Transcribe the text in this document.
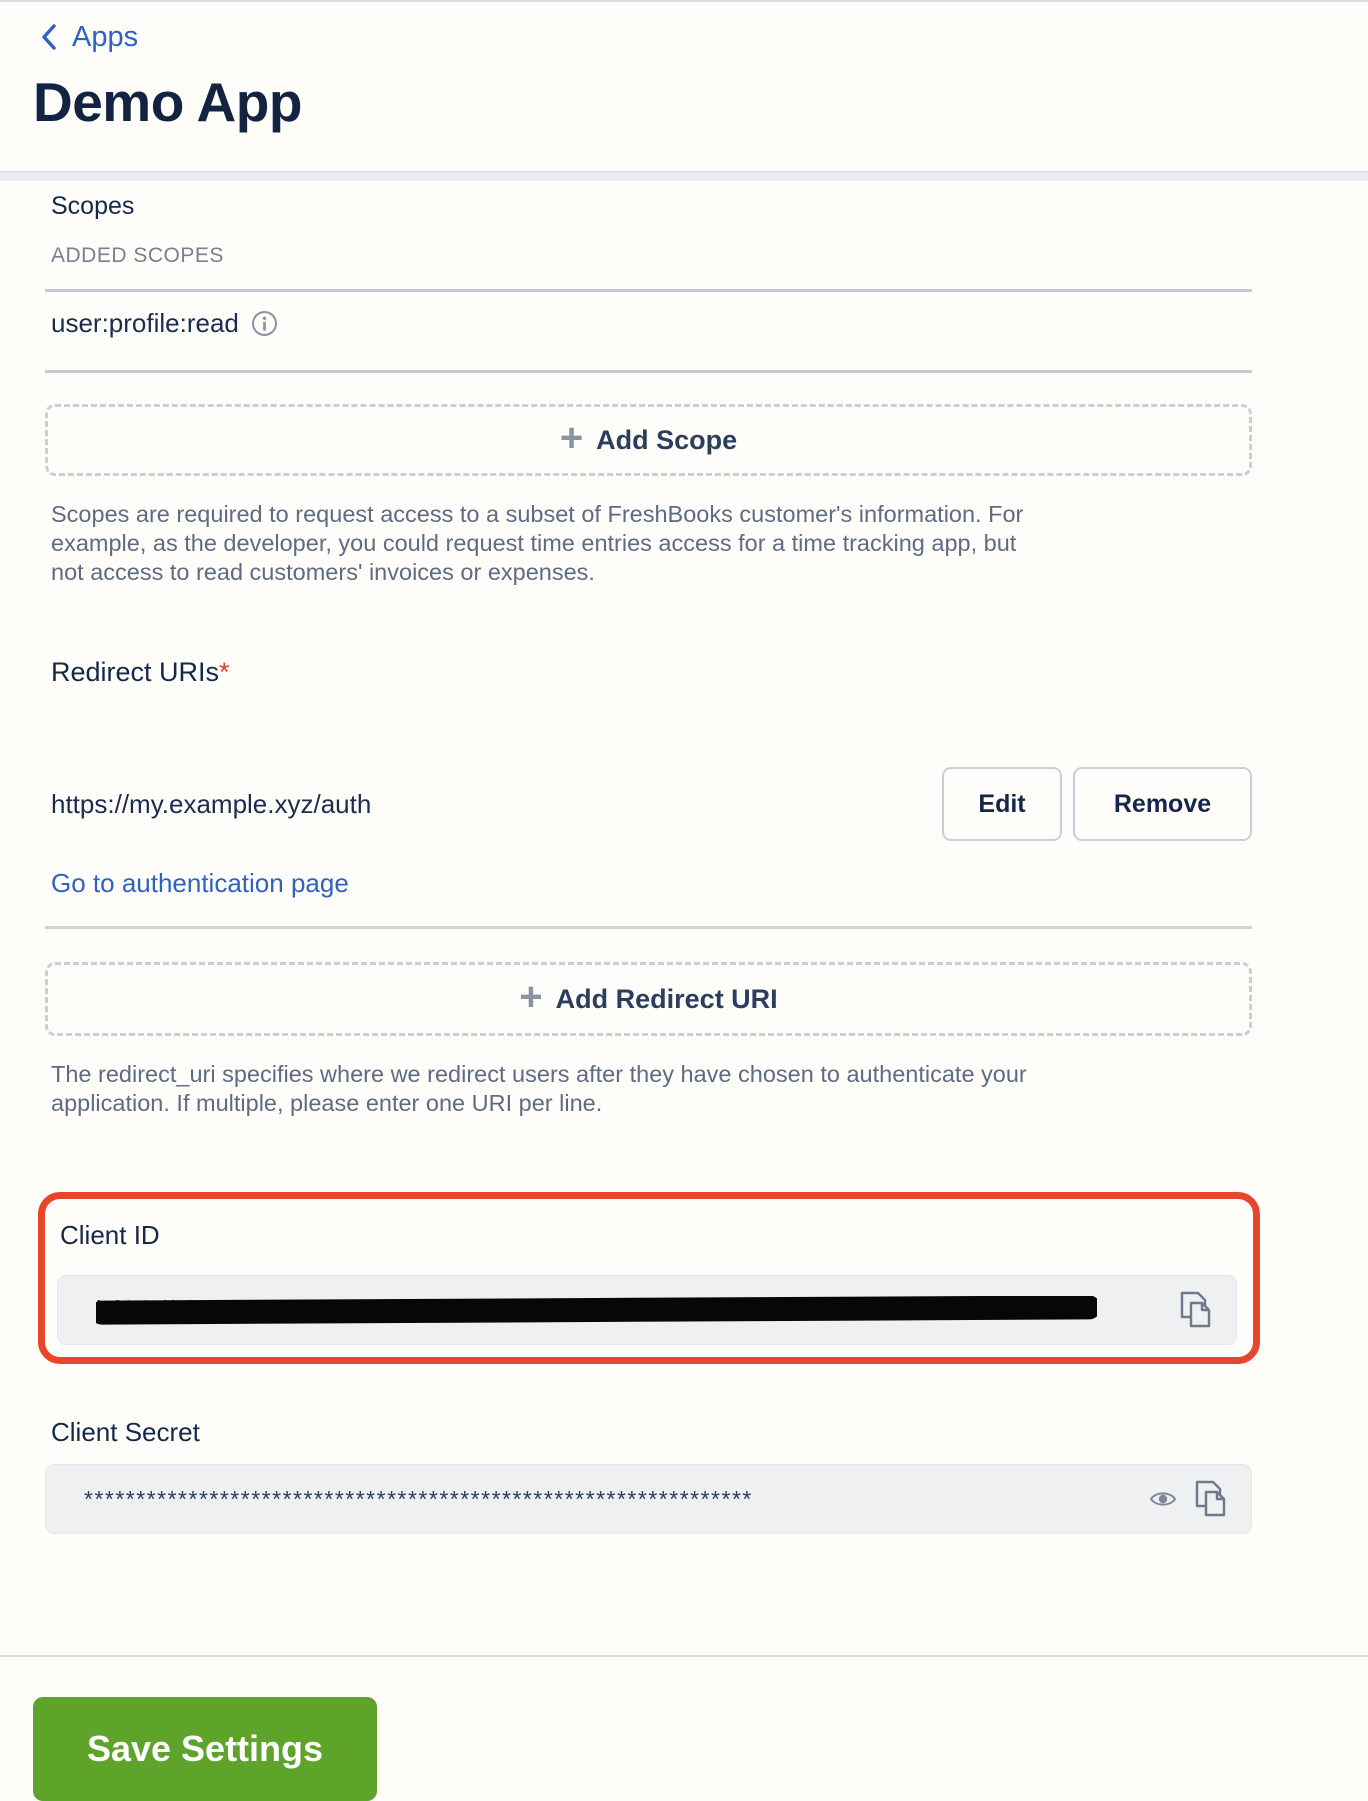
Apps
Demo App
Scopes
ADDED SCOPES
user:profile:read
+ Add Scope
Scopes are required to request access to a subset of FreshBooks customer's information. For
example, as the developer, you could request time entries access for a time tracking app, but
not access to read customers' invoices or expenses.
Redirect URIs*
https://my.example.xyz/auth	Edit	Remove
Go to authentication page
+ Add Redirect URI
The redirect_uri specifies where we redirect users after they have chosen to authenticate your
application. If multiple, please enter one URI per line.
Client ID
Client Secret
****************************************************************
Save Settings
